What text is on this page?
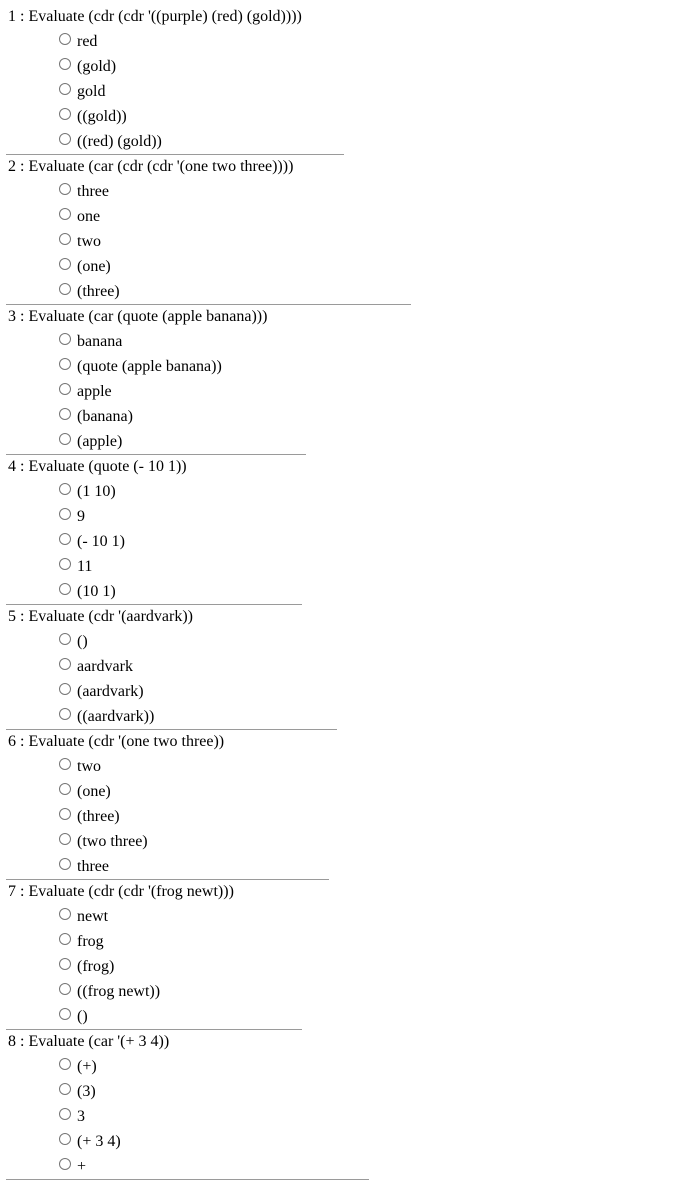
1 : Evaluate (cdr (cdr '((purple) (red) (gold))))
red
(gold)
gold
((gold))
((red) (gold))
2 : Evaluate (car (cdr (cdr '(one two three))))
three
one
two
(one)
(three)
3 : Evaluate (car (quote (apple banana)))
banana
(quote (apple banana))
apple
(banana)
(apple)
4 : Evaluate (quote (- 10 1))
(1 10)
9
(- 10 1)
11
(10 1)
5 : Evaluate (cdr '(aardvark))
()
aardvark
(aardvark)
((aardvark))
6 : Evaluate (cdr '(one two three))
two
(one)
(three)
(two three)
three
7 : Evaluate (cdr (cdr '(frog newt)))
newt
frog
(frog)
((frog newt))
()
8 : Evaluate (car '(+ 3 4))
(+)
(3)
3
(+ 3 4)
+
